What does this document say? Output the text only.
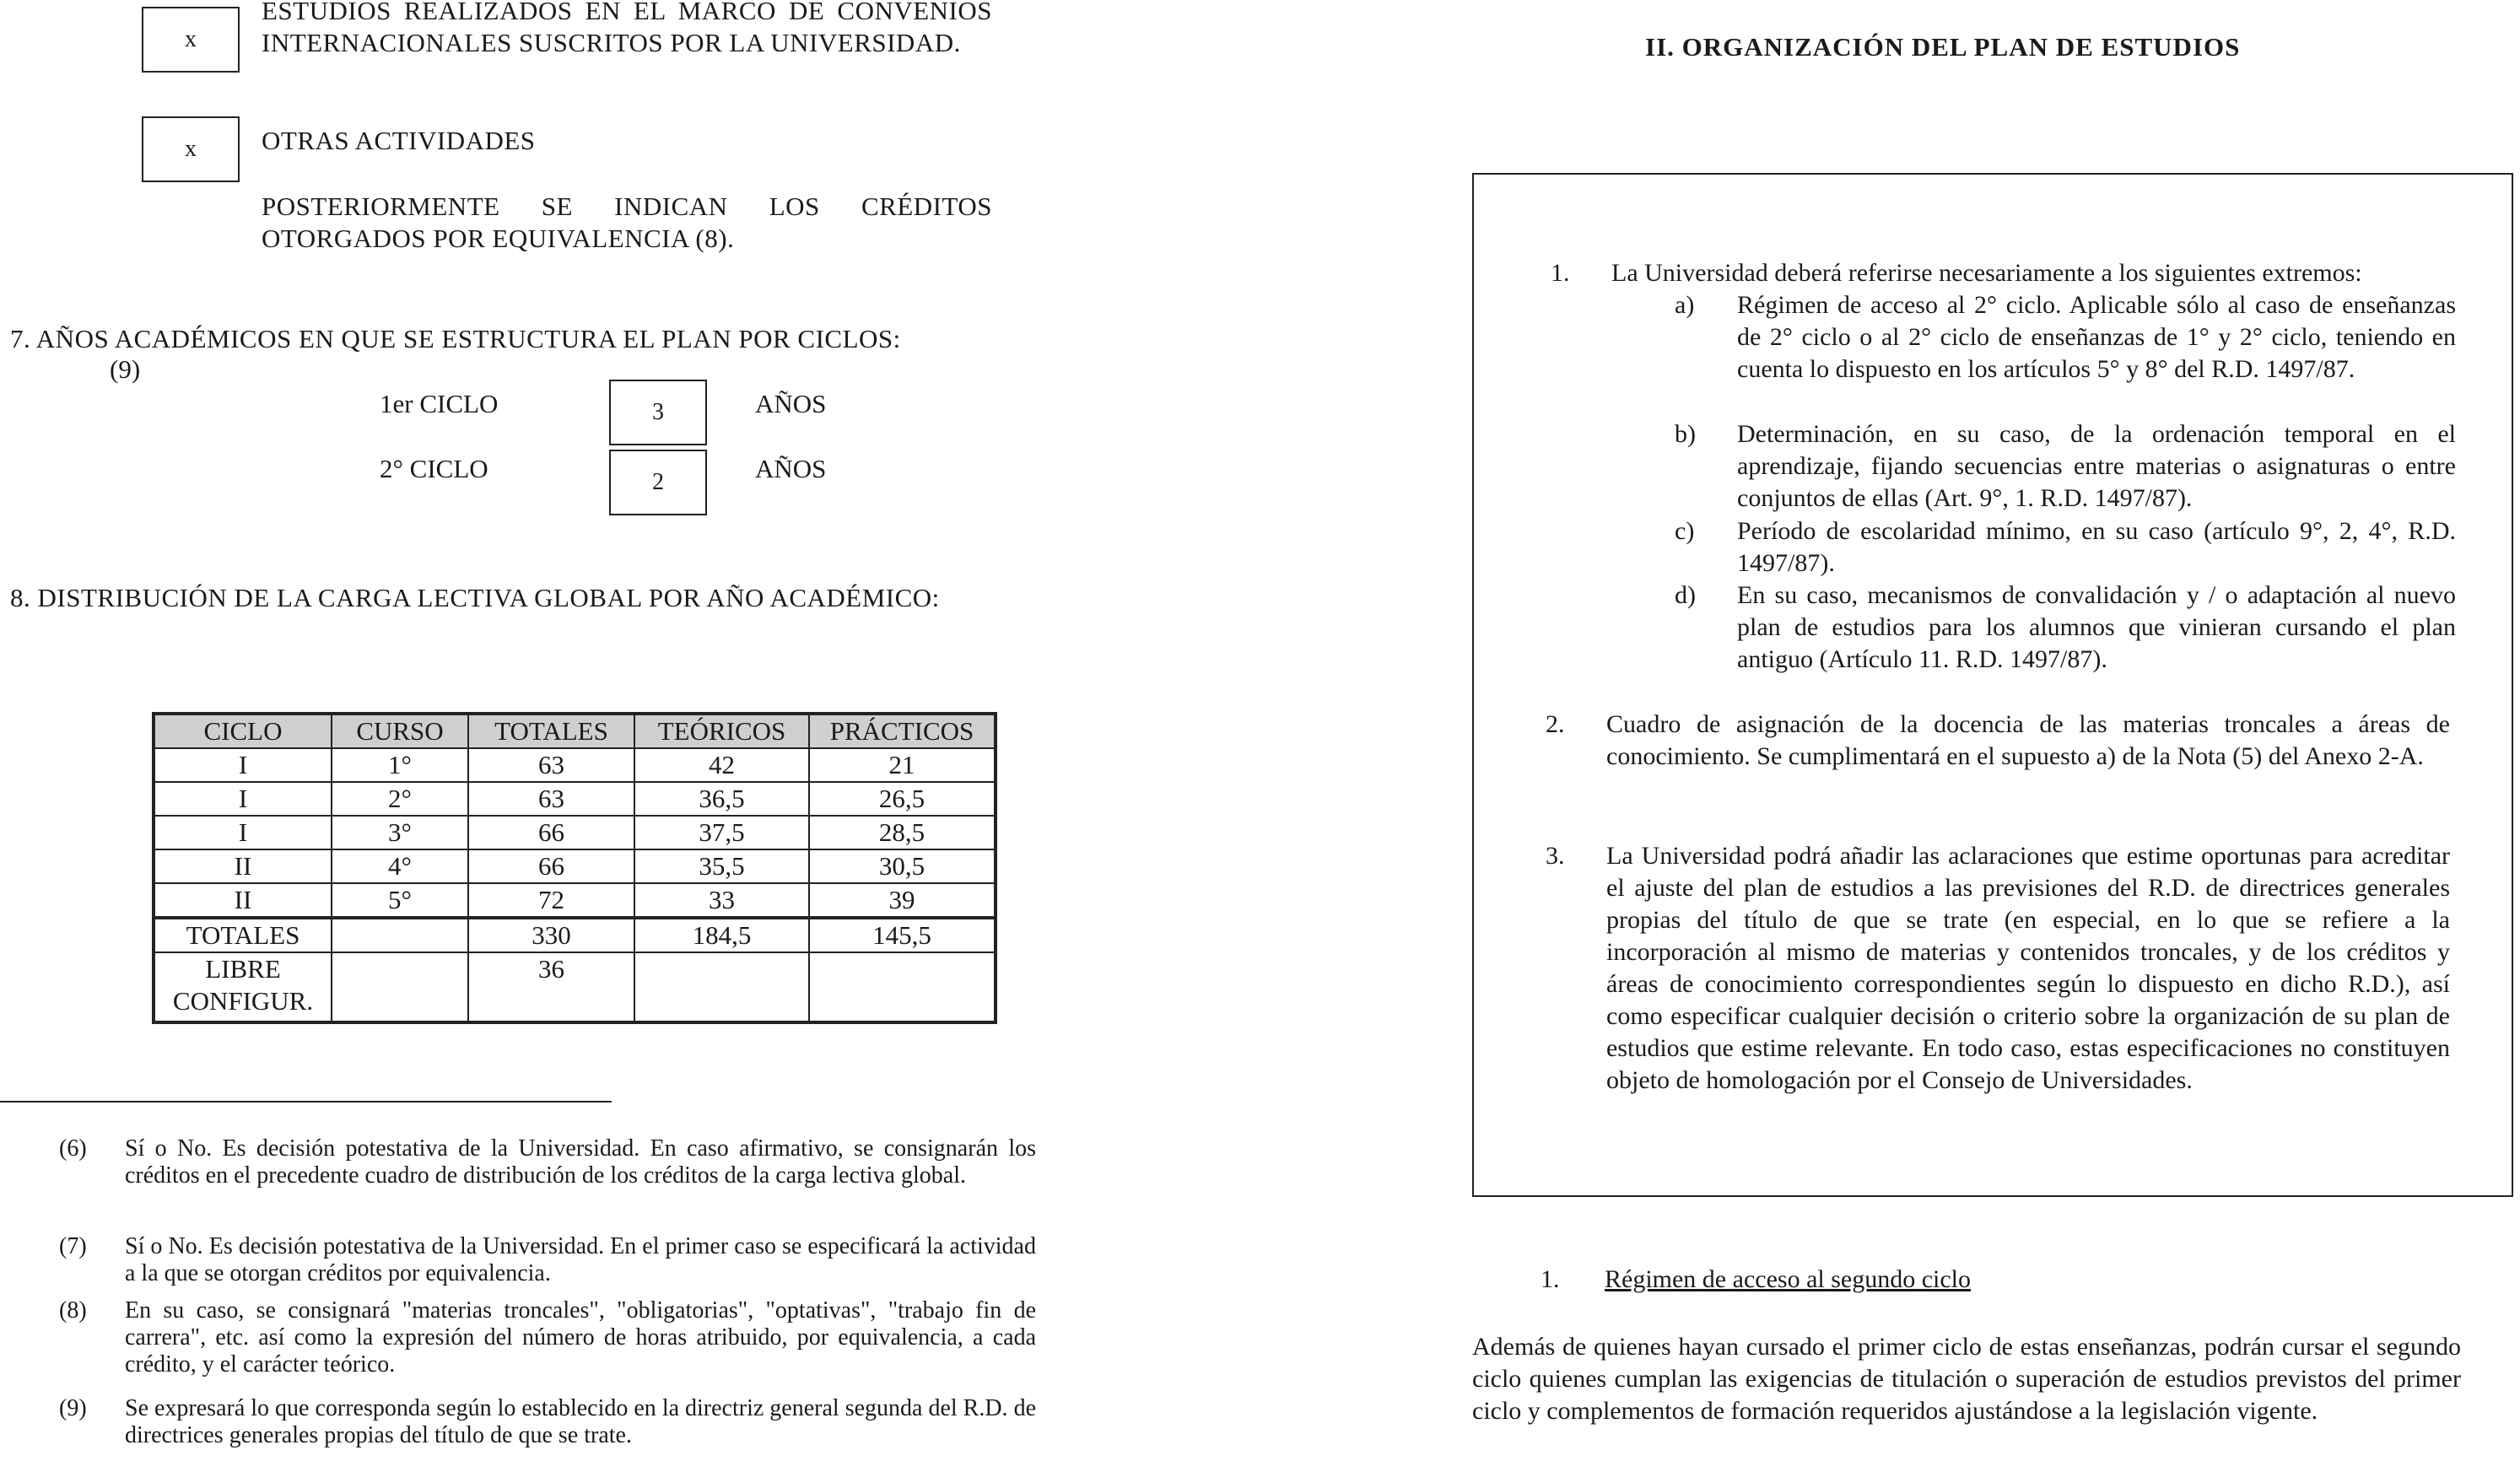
x
ESTUDIOS REALIZADOS EN EL MARCO DE CONVENIOS INTERNACIONALES SUSCRITOS POR LA UNIVERSIDAD.
x OTRAS ACTIVIDADES
POSTERIORMENTE SE INDICAN LOS CRÉDITOS OTORGADOS POR EQUIVALENCIA (8).
7. AÑOS ACADÉMICOS EN QUE SE ESTRUCTURA EL PLAN POR CICLOS:
(9)
1er CICLO	3	AÑOS
2° CICLO	2	AÑOS
8. DISTRIBUCIÓN DE LA CARGA LECTIVA GLOBAL POR AÑO ACADÉMICO:
CICLO	CURSO	TOTALES	TEÓRICOS	PRÁCTICOS
I	1°	63	42	21
I	2°	63	36,5	26,5
I	3°	66	37,5	28,5
II	4°	66	35,5	30,5
II	5°	72	33	39
TOTALES		330	184,5	145,5
LIBRE CONFIGUR.		36		
(6)	Sí o No. Es decisión potestativa de la Universidad. En caso afirmativo, se consignarán los créditos en el precedente cuadro de distribución de los créditos de la carga lectiva global.
(7)	Sí o No. Es decisión potestativa de la Universidad. En el primer caso se especificará la actividad a la que se otorgan créditos por equivalencia.
(8)	En su caso, se consignará "materias troncales", "obligatorias", "optativas", "trabajo fin de carrera", etc. así como la expresión del número de horas atribuido, por equivalencia, a cada crédito, y el carácter teórico.
(9)	Se expresará lo que corresponda según lo establecido en la directriz general segunda del R.D. de directrices generales propias del título de que se trate.
II. ORGANIZACIÓN DEL PLAN DE ESTUDIOS
1. La Universidad deberá referirse necesariamente a los siguientes extremos:
a) Régimen de acceso al 2° ciclo. Aplicable sólo al caso de enseñanzas de 2° ciclo o al 2° ciclo de enseñanzas de 1° y 2° ciclo, teniendo en cuenta lo dispuesto en los artículos 5° y 8° del R.D. 1497/87.
b) Determinación, en su caso, de la ordenación temporal en el aprendizaje, fijando secuencias entre materias o asignaturas o entre conjuntos de ellas (Art. 9°, 1. R.D. 1497/87).
c) Período de escolaridad mínimo, en su caso (artículo 9°, 2, 4°, R.D. 1497/87).
d) En su caso, mecanismos de convalidación y / o adaptación al nuevo plan de estudios para los alumnos que vinieran cursando el plan antiguo (Artículo 11. R.D. 1497/87).
2. Cuadro de asignación de la docencia de las materias troncales a áreas de conocimiento. Se cumplimentará en el supuesto a) de la Nota (5) del Anexo 2-A.
3. La Universidad podrá añadir las aclaraciones que estime oportunas para acreditar el ajuste del plan de estudios a las previsiones del R.D. de directrices generales propias del título de que se trate (en especial, en lo que se refiere a la incorporación al mismo de materias y contenidos troncales, y de los créditos y áreas de conocimiento correspondientes según lo dispuesto en dicho R.D.), así como especificar cualquier decisión o criterio sobre la organización de su plan de estudios que estime relevante. En todo caso, estas especificaciones no constituyen objeto de homologación por el Consejo de Universidades.
1. Régimen de acceso al segundo ciclo
Además de quienes hayan cursado el primer ciclo de estas enseñanzas, podrán cursar el segundo ciclo quienes cumplan las exigencias de titulación o superación de estudios previstos del primer ciclo y complementos de formación requeridos ajustándose a la legislación vigente.
